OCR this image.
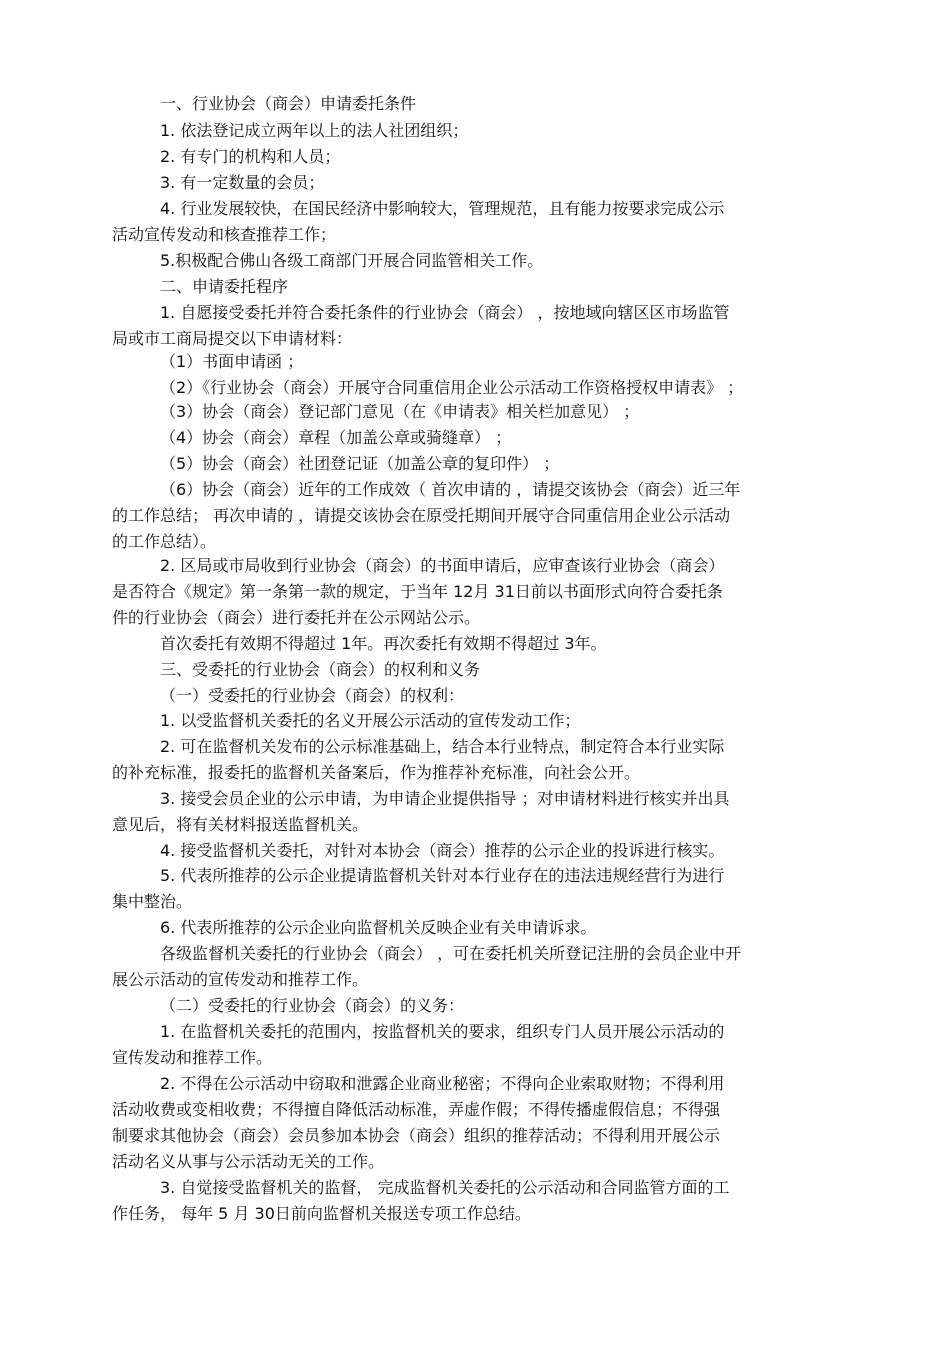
一、行业协会（商会）申请委托条件
1. 依法登记成立两年以上的法人社团组织；
2. 有专门的机构和人员；
3. 有一定数量的会员；
4. 行业发展较快，在国民经济中影响较大，管理规范，且有能力按要求完成公示
活动宣传发动和核查推荐工作；
5.积极配合佛山各级工商部门开展合同监管相关工作。
二、申请委托程序
1. 自愿接受委托并符合委托条件的行业协会（商会） ，按地域向辖区区市场监管
局或市工商局提交以下申请材料：
（1）书面申请函 ；
（2）《行业协会（商会）开展守合同重信用企业公示活动工作资格授权申请表》 ；
（3）协会（商会）登记部门意见（在《申请表》相关栏加意见） ；
（4）协会（商会）章程（加盖公章或骑缝章） ；
（5）协会（商会）社团登记证（加盖公章的复印件） ；
（6）协会（商会）近年的工作成效（ 首次申请的 ，请提交该协会（商会）近三年
的工作总结； 再次申请的 ，请提交该协会在原受托期间开展守合同重信用企业公示活动
的工作总结）。
2. 区局或市局收到行业协会（商会）的书面申请后，应审查该行业协会（商会）
是否符合《规定》第一条第一款的规定，于当年 12月 31日前以书面形式向符合委托条
件的行业协会（商会）进行委托并在公示网站公示。
首次委托有效期不得超过 1年。再次委托有效期不得超过 3年。
三、受委托的行业协会（商会）的权利和义务
（一）受委托的行业协会（商会）的权利：
1. 以受监督机关委托的名义开展公示活动的宣传发动工作；
2. 可在监督机关发布的公示标准基础上，结合本行业特点，制定符合本行业实际
的补充标准，报委托的监督机关备案后，作为推荐补充标准，向社会公开。
3. 接受会员企业的公示申请，为申请企业提供指导 ；对申请材料进行核实并出具
意见后，将有关材料报送监督机关。
4. 接受监督机关委托，对针对本协会（商会）推荐的公示企业的投诉进行核实。
5. 代表所推荐的公示企业提请监督机关针对本行业存在的违法违规经营行为进行
集中整治。
6. 代表所推荐的公示企业向监督机关反映企业有关申请诉求。
各级监督机关委托的行业协会（商会） ，可在委托机关所登记注册的会员企业中开
展公示活动的宣传发动和推荐工作。
（二）受委托的行业协会（商会）的义务：
1. 在监督机关委托的范围内，按监督机关的要求，组织专门人员开展公示活动的
宣传发动和推荐工作。
2. 不得在公示活动中窃取和泄露企业商业秘密；不得向企业索取财物；不得利用
活动收费或变相收费；不得擅自降低活动标准，弄虚作假；不得传播虚假信息；不得强
制要求其他协会（商会）会员参加本协会（商会）组织的推荐活动；不得利用开展公示
活动名义从事与公示活动无关的工作。
3. 自觉接受监督机关的监督， 完成监督机关委托的公示活动和合同监管方面的工
作任务， 每年 5 月 30日前向监督机关报送专项工作总结。
